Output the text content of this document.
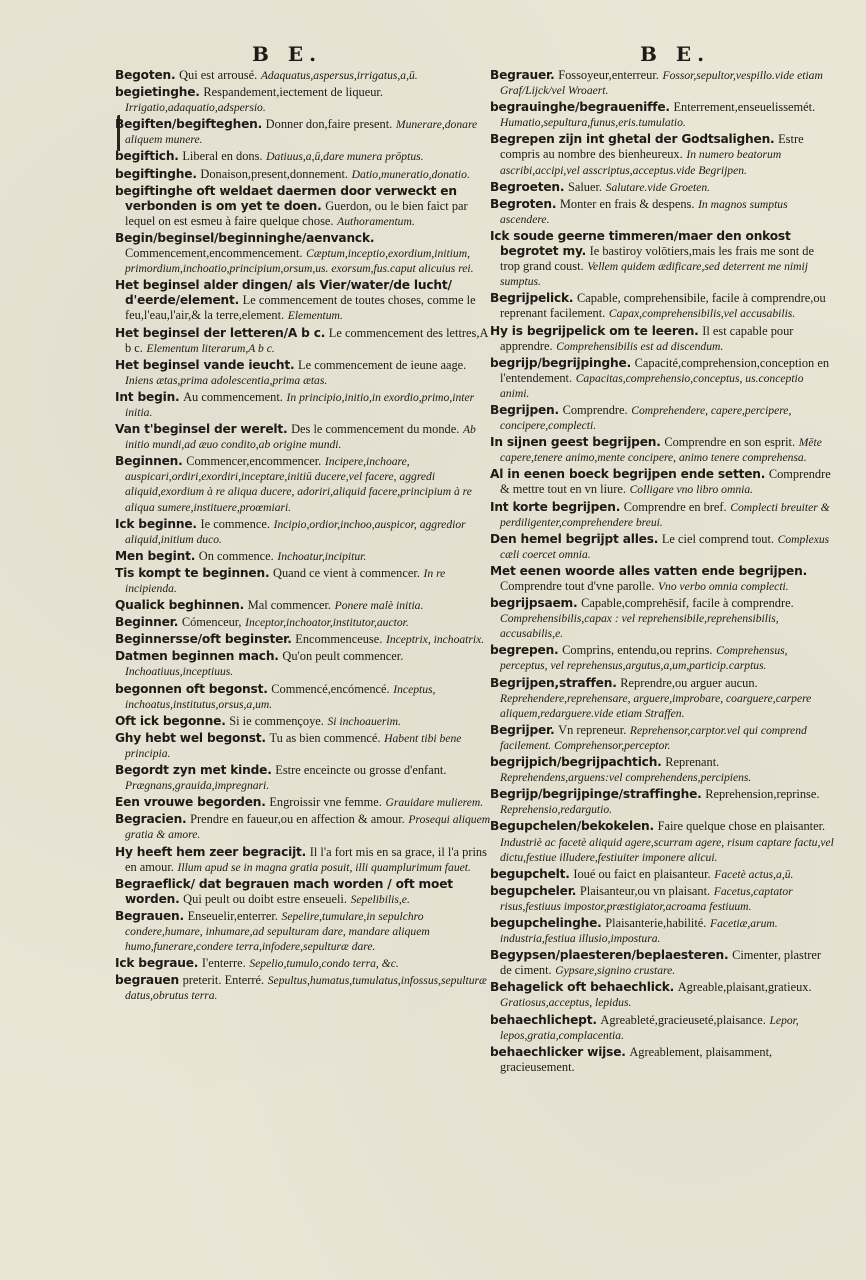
B E.	B E.

Begoten. Qui est arrousé. Adaquatus,aspersus,irrigatus,a,ū.

begietinghe. Respandement,iectement de liqueur. Irrigatio,adaquatio,adspersio.

Begiften/begifteghen. Donner don,faire present. Munerare,donare aliquem munere.

begiftich. Liberal en dons. Datiuus,a,ū,dare munera prōptus.

begiftinghe. Donaison,present,donnement. Datio,muneratio,donatio.

begiftinghe oft weldaet daermen door verweckt en verbonden is om yet te doen. Guerdon, ou le bien faict par lequel on est esmeu à faire quelque chose. Authoramentum.

Begin/beginsel/beginninghe/aenvanck. Commencement,encommencement. Cæptum,inceptio,exordium,initium, primordium,inchoatio,principium,orsum,us. exorsum,fus.caput alicuius rei.

Het beginsel alder dingen/ als Vier/water/de lucht/ d'eerde/element. Le commencement de toutes choses, comme le feu,l'eau,l'air,& la terre,element. Elementum.

Het beginsel der letteren/A b c. Le commencement des lettres,A b c. Elementum literarum,A b c.

Het beginsel vande ieucht. Le commencement de ieune aage. Iniens ætas,prima adolescentia,prima ætas.

Int begin. Au commencement. In principio,initio,in exordio,primo,inter initia.

Van t'beginsel der werelt. Des le commencement du monde. Ab initio mundi,ad æuo condito,ab origine mundi.

Beginnen. Commencer,encommencer. Incipere,inchoare, auspicari,ordiri,exordiri,inceptare,initiū ducere,vel facere, aggredi aliquid,exordium à re aliqua ducere, adoriri,aliquid facere,principium à re aliqua sumere,instituere,proœmiari.

Ick beginne. Ie commence. Incipio,ordior,inchoo,auspicor, aggredior aliquid,initium duco.

Men begint. On commence. Inchoatur,incipitur.

Tis kompt te beginnen. Quand ce vient à commencer. In re incipienda.

Qualick beghinnen. Mal commencer. Ponere malè initia.

Beginner. Cómenceur, Inceptor,inchoator,institutor,auctor.

Beginnersse/oft beginster. Encommenceuse. Inceptrix, inchoatrix.

Datmen beginnen mach. Qu'on peult commencer. Inchoatiuus,inceptiuus.

begonnen oft begonst. Commencé,encómencé. Inceptus, inchoatus,institutus,orsus,a,um.

Oft ick begonne. Si ie commençoye. Si inchoauerim.

Ghy hebt wel begonst. Tu as bien commencé. Habent tibi bene principia.

Begordt zyn met kinde. Estre enceincte ou grosse d'enfant. Prægnans,grauida,impregnari.

Een vrouwe begorden. Engroissir vne femme. Grauidare mulierem.

Begracien. Prendre en faueur,ou en affection & amour. Prosequi aliquem gratia & amore.

Hy heeft hem zeer begracijt. Il l'a fort mis en sa grace, il l'a prins en amour. Illum apud se in magna gratia posuit, illi quamplurimum fauet.

Begraeflick/ dat begrauen mach worden / oft moet worden. Qui peult ou doibt estre enseueli. Sepelibilis,e.

Begrauen. Enseuelir,enterrer. Sepelire,tumulare,in sepulchro condere,humare, inhumare,ad sepulturam dare, mandare aliquem humo,funerare,condere terra,infodere,sepulturæ dare.

Ick begraue. I'enterre. Sepelio,tumulo,condo terra, &c.

begrauen preterit. Enterré. Sepultus,humatus,tumulatus,infossus,sepulturæ datus,obrutus terra.

Begrauer. Fossoyeur,enterreur. Fossor,sepultor,vespillo.vide etiam Graf/Lijck/vel Wroaert.

begrauinghe/begraueniffe. Enterrement,enseuelissemét. Humatio,sepultura,funus,eris.tumulatio.

Begrepen zijn int ghetal der Godtsalighen. Estre compris au nombre des bienheureux. In numero beatorum ascribi,accipi,vel asscriptus,acceptus.vide Begrijpen.

Begroeten. Saluer. Salutare.vide Groeten.

Begroten. Monter en frais & despens. In magnos sumptus ascendere.

Ick soude geerne timmeren/maer den onkost begrotet my. Ie bastiroy volōtiers,mais les frais me sont de trop grand coust. Vellem quidem ædificare,sed deterrent me nimij sumptus.

Begrijpelick. Capable, comprehensibile, facile à comprendre,ou reprenant facilement. Capax,comprehensibilis,vel accusabilis.

Hy is begrijpelick om te leeren. Il est capable pour apprendre. Comprehensibilis est ad discendum.

begrijp/begrijpinghe. Capacité,comprehension,conception en l'entendement. Capacitas,comprehensio,conceptus, us.conceptio animi.

Begrijpen. Comprendre. Comprehendere, capere,percipere, concipere,complecti.

In sijnen geest begrijpen. Comprendre en son esprit. Mēte capere,tenere animo,mente concipere, animo tenere comprehensa.

Al in eenen boeck begrijpen ende setten. Comprendre & mettre tout en vn liure. Colligare vno libro omnia.

Int korte begrijpen. Comprendre en bref. Complecti breuiter & perdiligenter,comprehendere breui.

Den hemel begrijpt alles. Le ciel comprend tout. Complexus cæli coercet omnia.

Met eenen woorde alles vatten ende begrijpen. Comprendre tout d'vne parolle. Vno verbo omnia complecti.

begrijpsaem. Capable,comprehēsif, facile à comprendre. Comprehensibilis,capax : vel reprehensibile,reprehensibilis, accusabilis,e.

begrepen. Comprins, entendu,ou reprins. Comprehensus, perceptus, vel reprehensus,argutus,a,um,particip.carptus.

Begrijpen,straffen. Reprendre,ou arguer aucun. Reprehendere,reprehensare, arguere,improbare, coarguere,carpere aliquem,redarguere.vide etiam Straffen.

Begrijper. Vn repreneur. Reprehensor,carptor.vel qui comprend facilement. Comprehensor,perceptor.

begrijpich/begrijpachtich. Reprenant. Reprehendens,arguens:vel comprehendens,percipiens.

Begrijp/begrijpinge/straffinghe. Reprehension,reprinse. Reprehensio,redargutio.

Begupchelen/bekokelen. Faire quelque chose en plaisanter. Industriè ac facetè aliquid agere,scurram agere, risum captare factu,vel dictu,festiue illudere,festiuiter imponere alicui.

begupchelt. Ioué ou faict en plaisanteur. Facetè actus,a,ū.

begupcheler. Plaisanteur,ou vn plaisant. Facetus,captator risus,festiuus impostor,præstigiator,acroama festiuum.

begupchelinghe. Plaisanterie,habilité. Facetiæ,arum. industria,festiua illusio,impostura.

Begypsen/plaesteren/beplaesteren. Cimenter, plastrer de ciment. Gypsare,signino crustare.

Behagelick oft behaechlick. Agreable,plaisant,gratieux. Gratiosus,acceptus, lepidus.

behaechlichept. Agreableté,gracieuseté,plaisance. Lepor, lepos,gratia,complacentia.

behaechlicker wijse. Agreablement, plaisamment, gracieusement.
